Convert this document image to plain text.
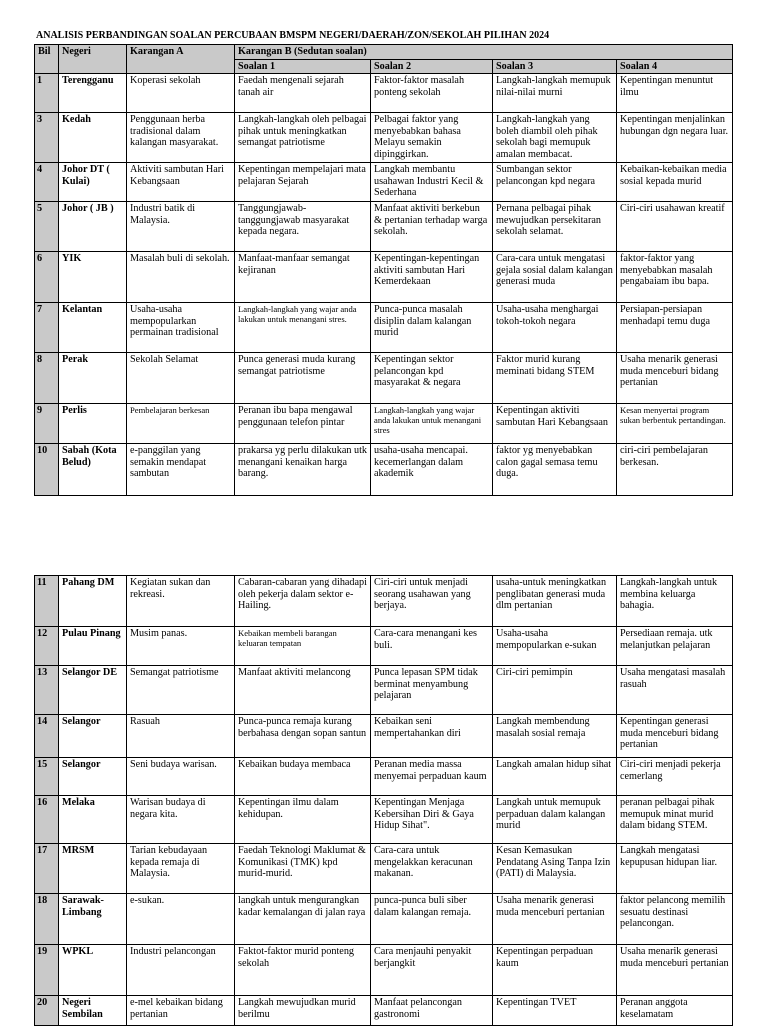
ANALISIS PERBANDINGAN SOALAN PERCUBAAN BMSPM NEGERI/DAERAH/ZON/SEKOLAH PILIHAN 2024
Bil	Negeri	Karangan A	Karangan B (Sedutan soalan)			
			Soalan 1	Soalan 2	Soalan 3	Soalan 4
1	Terengganu	Koperasi sekolah	Faedah mengenali sejarah tanah air	Faktor-faktor masalah ponteng sekolah	Langkah-langkah memupuk nilai-nilai murni	Kepentingan menuntut ilmu
3	Kedah	Penggunaan herba tradisional dalam kalangan masyarakat.	Langkah-langkah oleh pelbagai pihak untuk meningkatkan semangat patriotisme	Pelbagai faktor yang menyebabkan bahasa Melayu semakin dipinggirkan.	Langkah-langkah yang boleh diambil oleh pihak sekolah bagi memupuk amalan membacat.	Kepentingan menjalinkan hubungan dgn negara luar.
4	Johor DT ( Kulai)	Aktiviti sambutan Hari Kebangsaan	Kepentingan mempelajari mata pelajaran Sejarah	Langkah membantu usahawan Industri Kecil & Sederhana	Sumbangan sektor pelancongan kpd negara	Kebaikan-kebaikan media sosial kepada murid
5	Johor ( JB )	Industri batik di Malaysia.	Tanggungjawab-tanggungjawab masyarakat kepada negara.	Manfaat aktiviti berkebun & pertanian terhadap warga sekolah.	Pernana pelbagai pihak mewujudkan persekitaran sekolah selamat.	Ciri-ciri usahawan kreatif
6	YIK	Masalah buli di sekolah.	Manfaat-manfaar semangat kejiranan	Kepentingan-kepentingan aktiviti sambutan Hari Kemerdekaan	Cara-cara untuk mengatasi gejala sosial dalam kalangan generasi muda	faktor-faktor yang menyebabkan masalah pengabaiam ibu bapa.
7	Kelantan	Usaha-usaha mempopularkan permainan tradisional	Langkah-langkah yang wajar anda lakukan untuk menangani stres.	Punca-punca masalah disiplin dalam kalangan murid	Usaha-usaha menghargai tokoh-tokoh negara	Persiapan-persiapan menhadapi temu duga
8	Perak	Sekolah Selamat	Punca generasi muda kurang semangat patriotisme	Kepentingan sektor pelancongan kpd masyarakat & negara	Faktor murid kurang meminati bidang STEM	Usaha menarik generasi muda menceburi bidang pertanian
9	Perlis	Pembelajaran berkesan	Peranan ibu bapa mengawal penggunaan telefon pintar	Langkah-langkah yang wajar anda lakukan untuk menangani stres	Kepentingan aktiviti sambutan Hari Kebangsaan	Kesan menyertai program sukan berbentuk pertandingan.
10	Sabah (Kota Belud)	e-panggilan yang semakin mendapat sambutan	prakarsa yg perlu dilakukan utk menangani kenaikan harga barang.	usaha-usaha mencapai. kecemerlangan dalam akademik	faktor yg menyebabkan calon gagal semasa temu duga.	ciri-ciri pembelajaran berkesan.
11	Pahang DM	Kegiatan sukan dan rekreasi.	Cabaran-cabaran yang dihadapi oleh pekerja dalam sektor e- Hailing.	Ciri-ciri untuk menjadi seorang usahawan yang berjaya.	usaha-untuk meningkatkan penglibatan generasi muda dlm pertanian	Langkah-langkah untuk membina keluarga bahagia.
12	Pulau Pinang	Musim panas.	Kebaikan membeli barangan keluaran tempatan	Cara-cara menangani kes buli.	Usaha-usaha mempopularkan e-sukan	Persediaan remaja. utk melanjutkan pelajaran
13	Selangor DE	Semangat patriotisme	Manfaat aktiviti melancong	Punca lepasan SPM tidak berminat menyambung pelajaran	Ciri-ciri pemimpin	Usaha mengatasi masalah rasuah
14	Selangor	Rasuah	Punca-punca remaja kurang berbahasa dengan sopan santun	Kebaikan seni mempertahankan diri	Langkah membendung masalah sosial remaja	Kepentingan generasi muda menceburi bidang pertanian
15	Selangor	Seni budaya warisan.	Kebaikan budaya membaca	Peranan media massa menyemai perpaduan kaum	Langkah amalan hidup sihat	Ciri-ciri menjadi pekerja cemerlang
16	Melaka	Warisan budaya di negara kita.	Kepentingan ilmu dalam kehidupan.	Kepentingan Menjaga Kebersihan Diri & Gaya Hidup Sihat".	Langkah untuk memupuk perpaduan dalam kalangan murid	peranan pelbagai pihak memupuk minat murid dalam bidang STEM.
17	MRSM	Tarian kebudayaan kepada remaja di Malaysia.	Faedah Teknologi Maklumat & Komunikasi (TMK) kpd murid-murid.	Cara-cara untuk mengelakkan keracunan makanan.	Kesan Kemasukan Pendatang Asing Tanpa Izin (PATI) di Malaysia.	Langkah mengatasi kepupusan hidupan liar.
18	Sarawak-Limbang	e-sukan.	langkah untuk mengurangkan kadar kemalangan di jalan raya	punca-punca buli siber dalam kalangan remaja.	Usaha menarik generasi muda menceburi pertanian	faktor pelancong memilih sesuatu destinasi pelancongan.
19	WPKL	Industri pelancongan	Faktot-faktor murid ponteng sekolah	Cara menjauhi penyakit berjangkit	Kepentingan perpaduan kaum	Usaha menarik generasi muda menceburi pertanian
20	Negeri Sembilan	e-mel kebaikan bidang pertanian	Langkah mewujudkan murid berilmu	Manfaat pelancongan gastronomi	Kepentingan TVET	Peranan anggota keselamatam
